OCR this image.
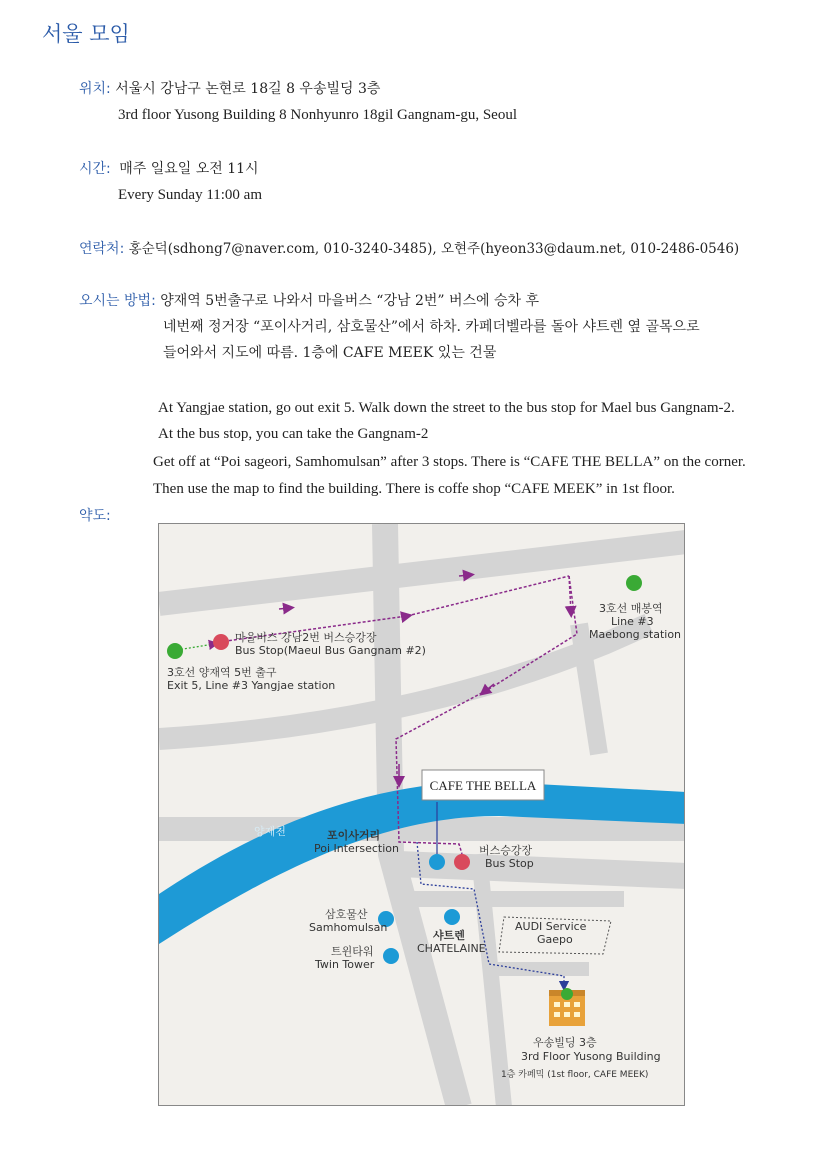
서울 모임
위치: 서울시 강남구 논현로 18길 8 우송빌딩 3층
3rd floor Yusong Building 8 Nonhyunro 18gil Gangnam-gu, Seoul
시간: 매주 일요일 오전 11시
Every Sunday 11:00 am
연락처: 홍순덕(sdhong7@naver.com, 010-3240-3485), 오현주(hyeon33@daum.net, 010-2486-0546)
오시는 방법: 양재역 5번출구로 나와서 마을버스 “강남 2번” 버스에 승차 후
네번째 정거장 “포이사거리, 삼호물산”에서 하차. 카페더벨라를 돌아 샤트렌 옆 골목으로
들어와서 지도에 따름. 1층에 CAFE MEEK 있는 건물
At Yangjae station, go out exit 5. Walk down the street to the bus stop for Mael bus Gangnam-2.
At the bus stop, you can take the Gangnam-2
Get off at “Poi sageori, Samhomulsan” after 3 stops. There is “CAFE THE BELLA” on the corner.
Then use the map to find the building. There is coffe shop “CAFE MEEK” in 1st floor.
약도:
3호선 매봉역
Line #3
Maebong station
마을버스 강남2번 버스승강장
Bus Stop(Maeul Bus Gangnam #2)
3호선 양재역 5번 출구
Exit 5, Line #3 Yangjae station
CAFE THE BELLA
양재천	포이사거리
Poi Intersection	버스승강장
Bus Stop
삼호물산
Samhomulsan
샤트렌
CHATELAINE
AUDI Service
Gaepo
트윈타워
Twin Tower
우송빌딩 3층
3rd Floor Yusong Building
1층 카페믹 (1st floor, CAFE MEEK)
